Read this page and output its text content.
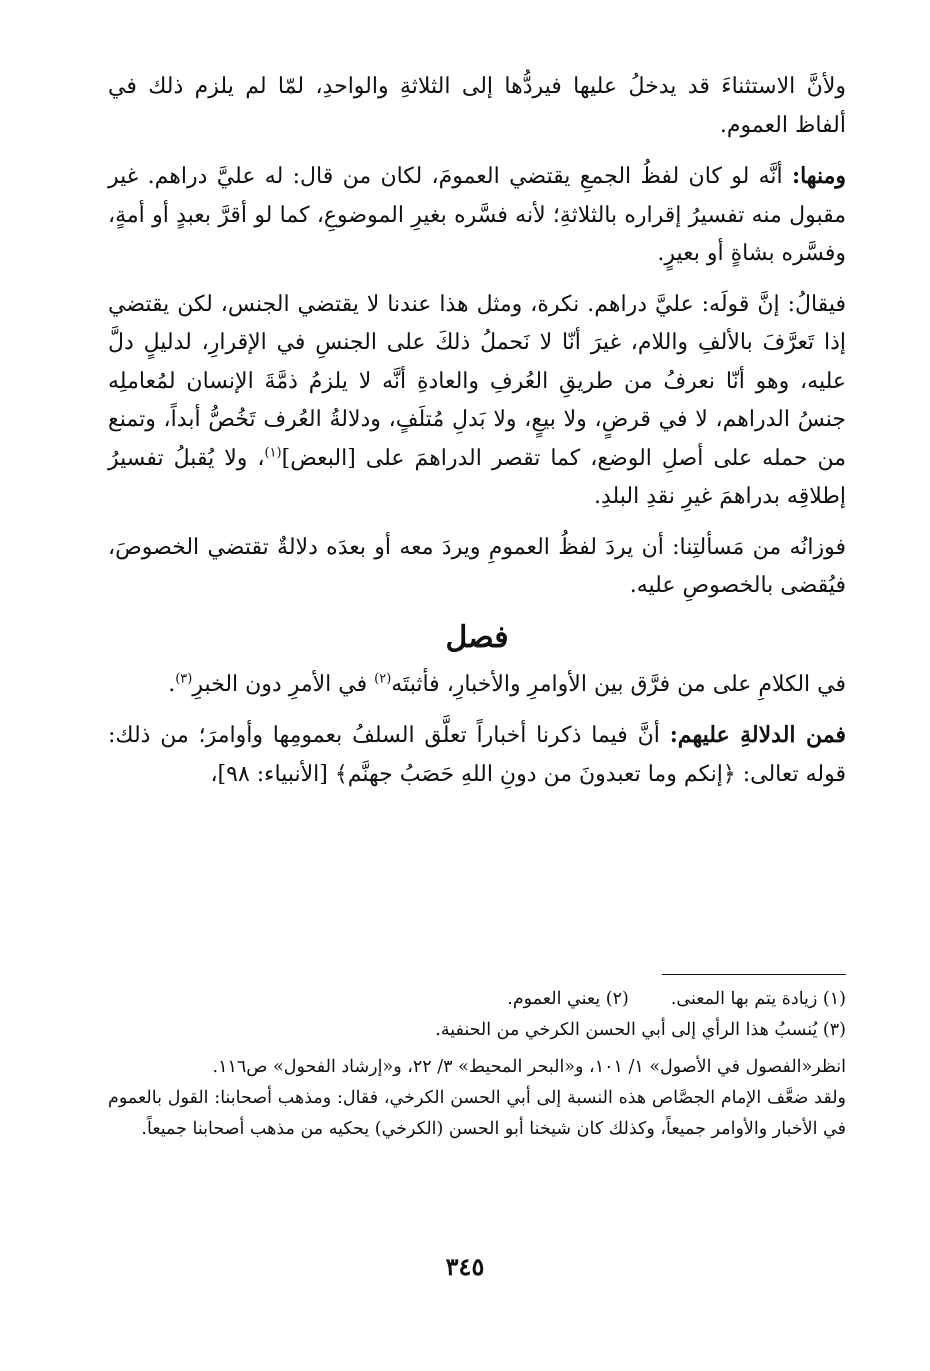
ولأنَّ الاستثناءَ قد يدخلُ عليها فيردُّها إلى الثلاثةِ والواحدِ، لمّا لم يلزم ذلك في ألفاظ العموم.

ومنها: أنَّه لو كان لفظُ الجمعِ يقتضي العمومَ، لكان من قال: له عليَّ دراهم. غير مقبول منه تفسيرُ إقراره بالثلاثةِ؛ لأنه فسَّره بغيرِ الموضوعِ، كما لو أقرَّ بعبدٍ أو أمةٍ، وفسَّره بشاةٍ أو بعيرٍ.

فيقالُ: إنَّ قولَه: عليَّ دراهم. نكرة، ومثل هذا عندنا لا يقتضي الجنس، لكن يقتضي إذا تَعرَّفَ بالألفِ واللام، غيرَ أنّا لا نَحملُ ذلكَ على الجنسِ في الإقرارِ، لدليلٍ دلَّ عليه، وهو أنّا نعرفُ من طريقِ العُرفِ والعادةِ أنَّه لا يلزمُ ذمَّةَ الإنسان لمُعاملِه جنسُ الدراهم، لا في قرضٍ، ولا بيعٍ، ولا بَدلِ مُتلَفٍ، ودلالةُ العُرف تَخُصُّ أبداً، وتمنع من حمله على أصلِ الوضع، كما تقصر الدراهمَ على [البعض]$^{(١)}$، ولا يُقبلُ تفسيرُ إطلاقِه بدراهمَ غيرِ نقدِ البلدِ.

فوزانُه من مَسألتِنا: أن يردَ لفظُ العمومِ ويردَ معه أو بعدَه دلالةٌ تقتضي الخصوصَ، فيُقضى بالخصوصِ عليه.

فصل

في الكلامِ على من فرَّق بين الأوامرِ والأخبارِ، فأثبتَه$^{(٢)}$ في الأمرِ دون الخبرِ$^{(٣)}$.

فمن الدلالةِ عليهم: أنَّ فيما ذكرنا أخباراً تعلَّق السلفُ بعمومِها وأوامرَ؛ من ذلك: قوله تعالى: ﴿إنكم وما تعبدونَ من دونِ اللهِ حَصَبُ جهنَّم﴾ [الأنبياء: ٩٨]،

(١) زيادة يتم بها المعنى.(٢) يعني العموم.
(٣) يُنسبُ هذا الرأي إلى أبي الحسن الكرخي من الحنفية.

انظر«الفصول في الأصول» ١/ ١٠١، و«البحر المحيط» ٣/ ٢٢، و«إرشاد الفحول» ص١١٦.

ولقد ضعَّف الإمام الجصَّاص هذه النسبة إلى أبي الحسن الكرخي، فقال: ومذهب أصحابنا: القول بالعموم في الأخبار والأوامر جميعاً، وكذلك كان شيخنا أبو الحسن (الكرخي) يحكيه من مذهب أصحابنا جميعاً.

٣٤٥
